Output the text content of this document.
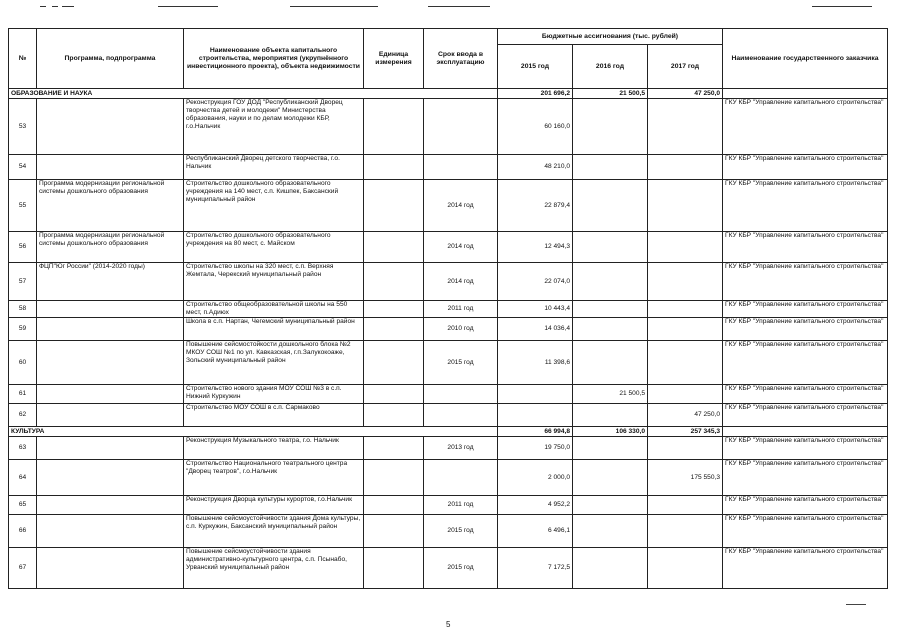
№	Программа, подпрограмма	Наименование объекта капитального строительства, мероприятия (укрупнённого инвестиционного проекта), объекта недвижимости	Единица измерения	Срок ввода в эксплуатацию	Бюджетные ассигнования (тыс. рублей)			Наименование государственного заказчика
					2015 год	2016 год	2017 год	
ОБРАЗОВАНИЕ И НАУКА					201 696,2	21 500,5	47 250,0	
53		Реконструкция ГОУ ДОД "Республиканский Дворец творчества детей и молодежи" Министерства образования, науки и по делам молодежи КБР, г.о.Нальчик			60 160,0			ГКУ КБР "Управление капитального строительства"
54		Республиканский Дворец детского творчества, г.о. Нальчик			48 210,0			ГКУ КБР "Управление капитального строительства"
55	Программа модернизации региональной системы дошкольного образования	Строительство дошкольного образовательного учреждения на 140 мест, с.п. Кишпек, Баксанский муниципальный район		2014 год	22 879,4			ГКУ КБР "Управление капитального строительства"
56	Программа модернизации региональной системы дошкольного образования	Строительство дошкольного образовательного учреждения на 80 мест, с. Майском		2014 год	12 494,3			ГКУ КБР "Управление капитального строительства"
57	ФЦП"Юг России" (2014-2020 годы)	Строительство школы на 320 мест, с.п. Верхняя Жемтала, Черекский муниципальный район		2014 год	22 074,0			ГКУ КБР "Управление капитального строительства"
58		Строительство общеобразовательной школы на 550 мест, п.Адиюх		2011 год	10 443,4			ГКУ КБР "Управление капитального строительства"
59		Школа в с.п. Нартан, Чегемский муниципальный район		2010 год	14 036,4			ГКУ КБР "Управление капитального строительства"
60		Повышение сейсмостойкости дошкольного блока №2 МКОУ СОШ №1 по ул. Кавказская, г.п.Залукокоаже, Зольский муниципальный район		2015 год	11 398,6			ГКУ КБР "Управление капитального строительства"
61		Строительство нового здания МОУ СОШ №3 в с.п. Нижний Куркужин				21 500,5		ГКУ КБР "Управление капитального строительства"
62		Строительство МОУ СОШ в с.п. Сармаково					47 250,0	ГКУ КБР "Управление капитального строительства"
КУЛЬТУРА					66 994,8	106 330,0	257 345,3	
63		Реконструкция Музыкального театра, г.о. Нальчик		2013 год	19 750,0			ГКУ КБР "Управление капитального строительства"
64		Строительство Национального театрального центра "Дворец театров", г.о.Нальчик			2 000,0		175 550,3	ГКУ КБР "Управление капитального строительства"
65		Реконструкция Дворца культуры курортов, г.о.Нальчик		2011 год	4 952,2			ГКУ КБР "Управление капитального строительства"
66		Повышение сейсмоустойчивости здания Дома культуры, с.п. Куркужин, Баксанский муниципальный район		2015 год	6 496,1			ГКУ КБР "Управление капитального строительства"
67		Повышение сейсмоустойчивости здания административно-культурного центра, с.п. Псынабо, Урванский муниципальный район		2015 год	7 172,5			ГКУ КБР "Управление капитального строительства"
5
